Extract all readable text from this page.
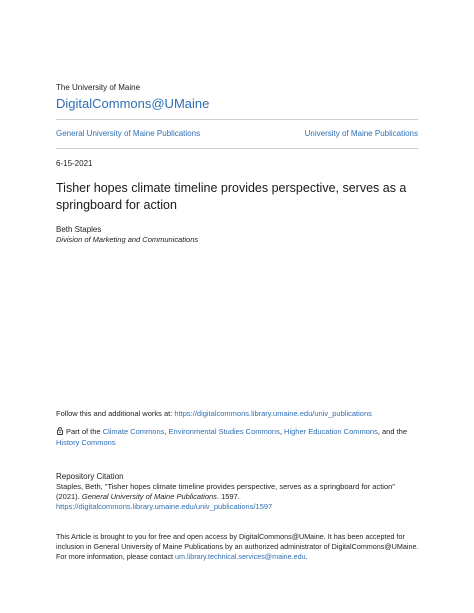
The University of Maine
DigitalCommons@UMaine
General University of Maine Publications	University of Maine Publications
6-15-2021
Tisher hopes climate timeline provides perspective, serves as a springboard for action
Beth Staples
Division of Marketing and Communications
Follow this and additional works at: https://digitalcommons.library.umaine.edu/univ_publications
Part of the Climate Commons, Environmental Studies Commons, Higher Education Commons, and the History Commons
Repository Citation
Staples, Beth, "Tisher hopes climate timeline provides perspective, serves as a springboard for action" (2021). General University of Maine Publications. 1597.
https://digitalcommons.library.umaine.edu/univ_publications/1597
This Article is brought to you for free and open access by DigitalCommons@UMaine. It has been accepted for inclusion in General University of Maine Publications by an authorized administrator of DigitalCommons@UMaine. For more information, please contact um.library.technical.services@maine.edu.
